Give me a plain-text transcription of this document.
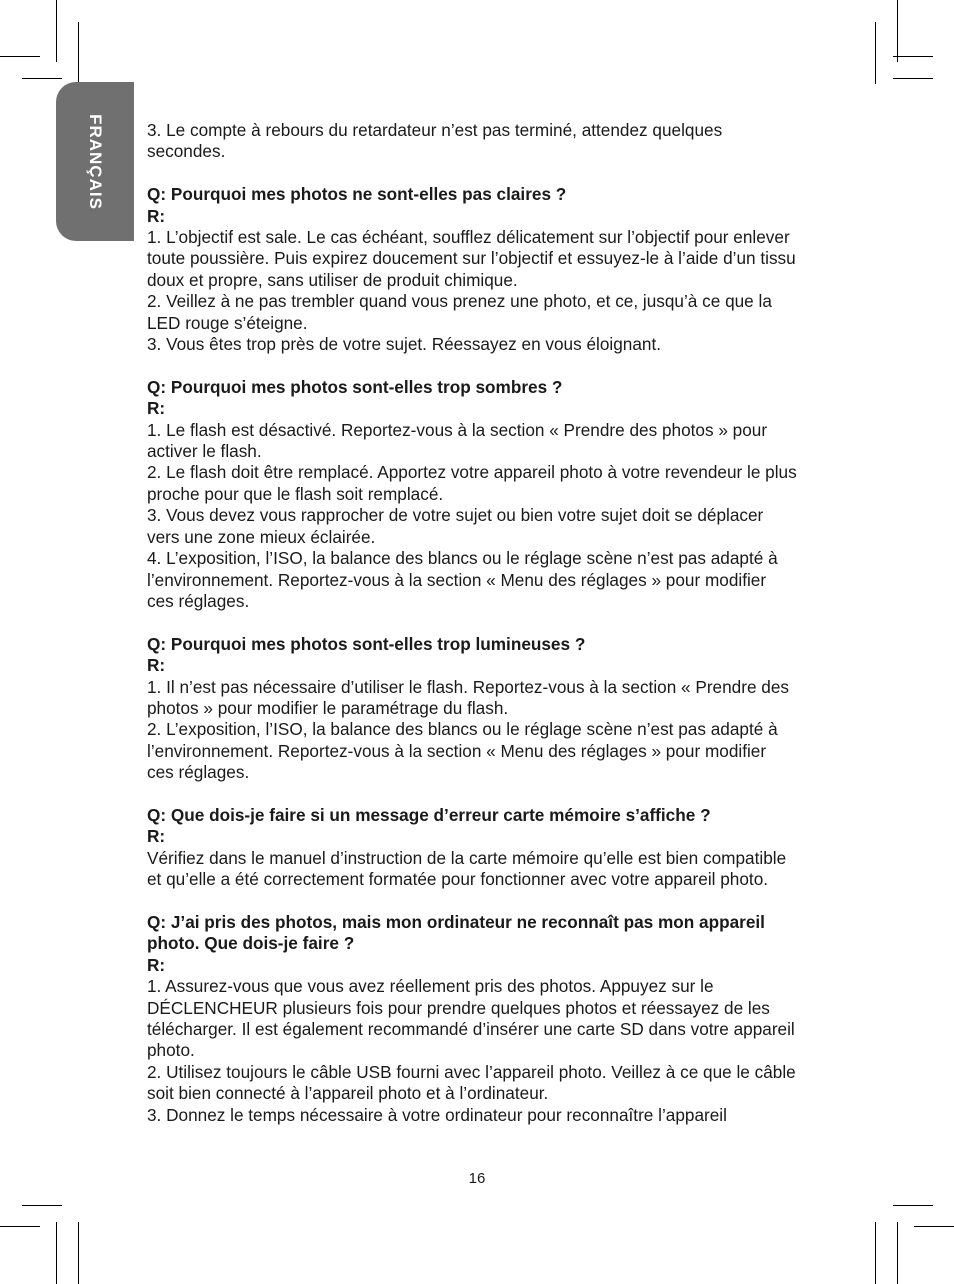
FRANÇAIS 3. Le compte à rebours du retardateur n’est pas terminé, attendez quelques secondes.

Q: Pourquoi mes photos ne sont-elles pas claires ?

R:

1. L’objectif est sale. Le cas échéant, soufflez délicatement sur l’objectif pour enlever toute poussière. Puis expirez doucement sur l’objectif et essuyez-le à l’aide d’un tissu doux et propre, sans utiliser de produit chimique.

2. Veillez à ne pas trembler quand vous prenez une photo, et ce, jusqu’à ce que la LED rouge s’éteigne.

3. Vous êtes trop près de votre sujet. Réessayez en vous éloignant.

Q: Pourquoi mes photos sont-elles trop sombres ?

R:

1. Le flash est désactivé. Reportez-vous à la section « Prendre des photos » pour activer le flash.

2. Le flash doit être remplacé. Apportez votre appareil photo à votre revendeur le plus proche pour que le flash soit remplacé.

3. Vous devez vous rapprocher de votre sujet ou bien votre sujet doit se déplacer vers une zone mieux éclairée.

4. L’exposition, l’ISO, la balance des blancs ou le réglage scène n’est pas adapté à l’environnement. Reportez-vous à la section « Menu des réglages » pour modifier ces réglages.

Q: Pourquoi mes photos sont-elles trop lumineuses ?

R:

1. Il n’est pas nécessaire d’utiliser le flash. Reportez-vous à la section « Prendre des photos » pour modifier le paramétrage du flash.

2. L’exposition, l’ISO, la balance des blancs ou le réglage scène n’est pas adapté à l’environnement. Reportez-vous à la section « Menu des réglages » pour modifier ces réglages.

Q: Que dois-je faire si un message d’erreur carte mémoire s’affiche ?

R:

Vérifiez dans le manuel d’instruction de la carte mémoire qu’elle est bien compatible et qu’elle a été correctement formatée pour fonctionner avec votre appareil photo.

Q: J’ai pris des photos, mais mon ordinateur ne reconnaît pas mon appareil photo. Que dois-je faire ?

R:

1. Assurez-vous que vous avez réellement pris des photos. Appuyez sur le DÉCLENCHEUR plusieurs fois pour prendre quelques photos et réessayez de les télécharger. Il est également recommandé d’insérer une carte SD dans votre appareil photo.

2. Utilisez toujours le câble USB fourni avec l’appareil photo. Veillez à ce que le câble soit bien connecté à l’appareil photo et à l’ordinateur.

3. Donnez le temps nécessaire à votre ordinateur pour reconnaître l’appareil

16
